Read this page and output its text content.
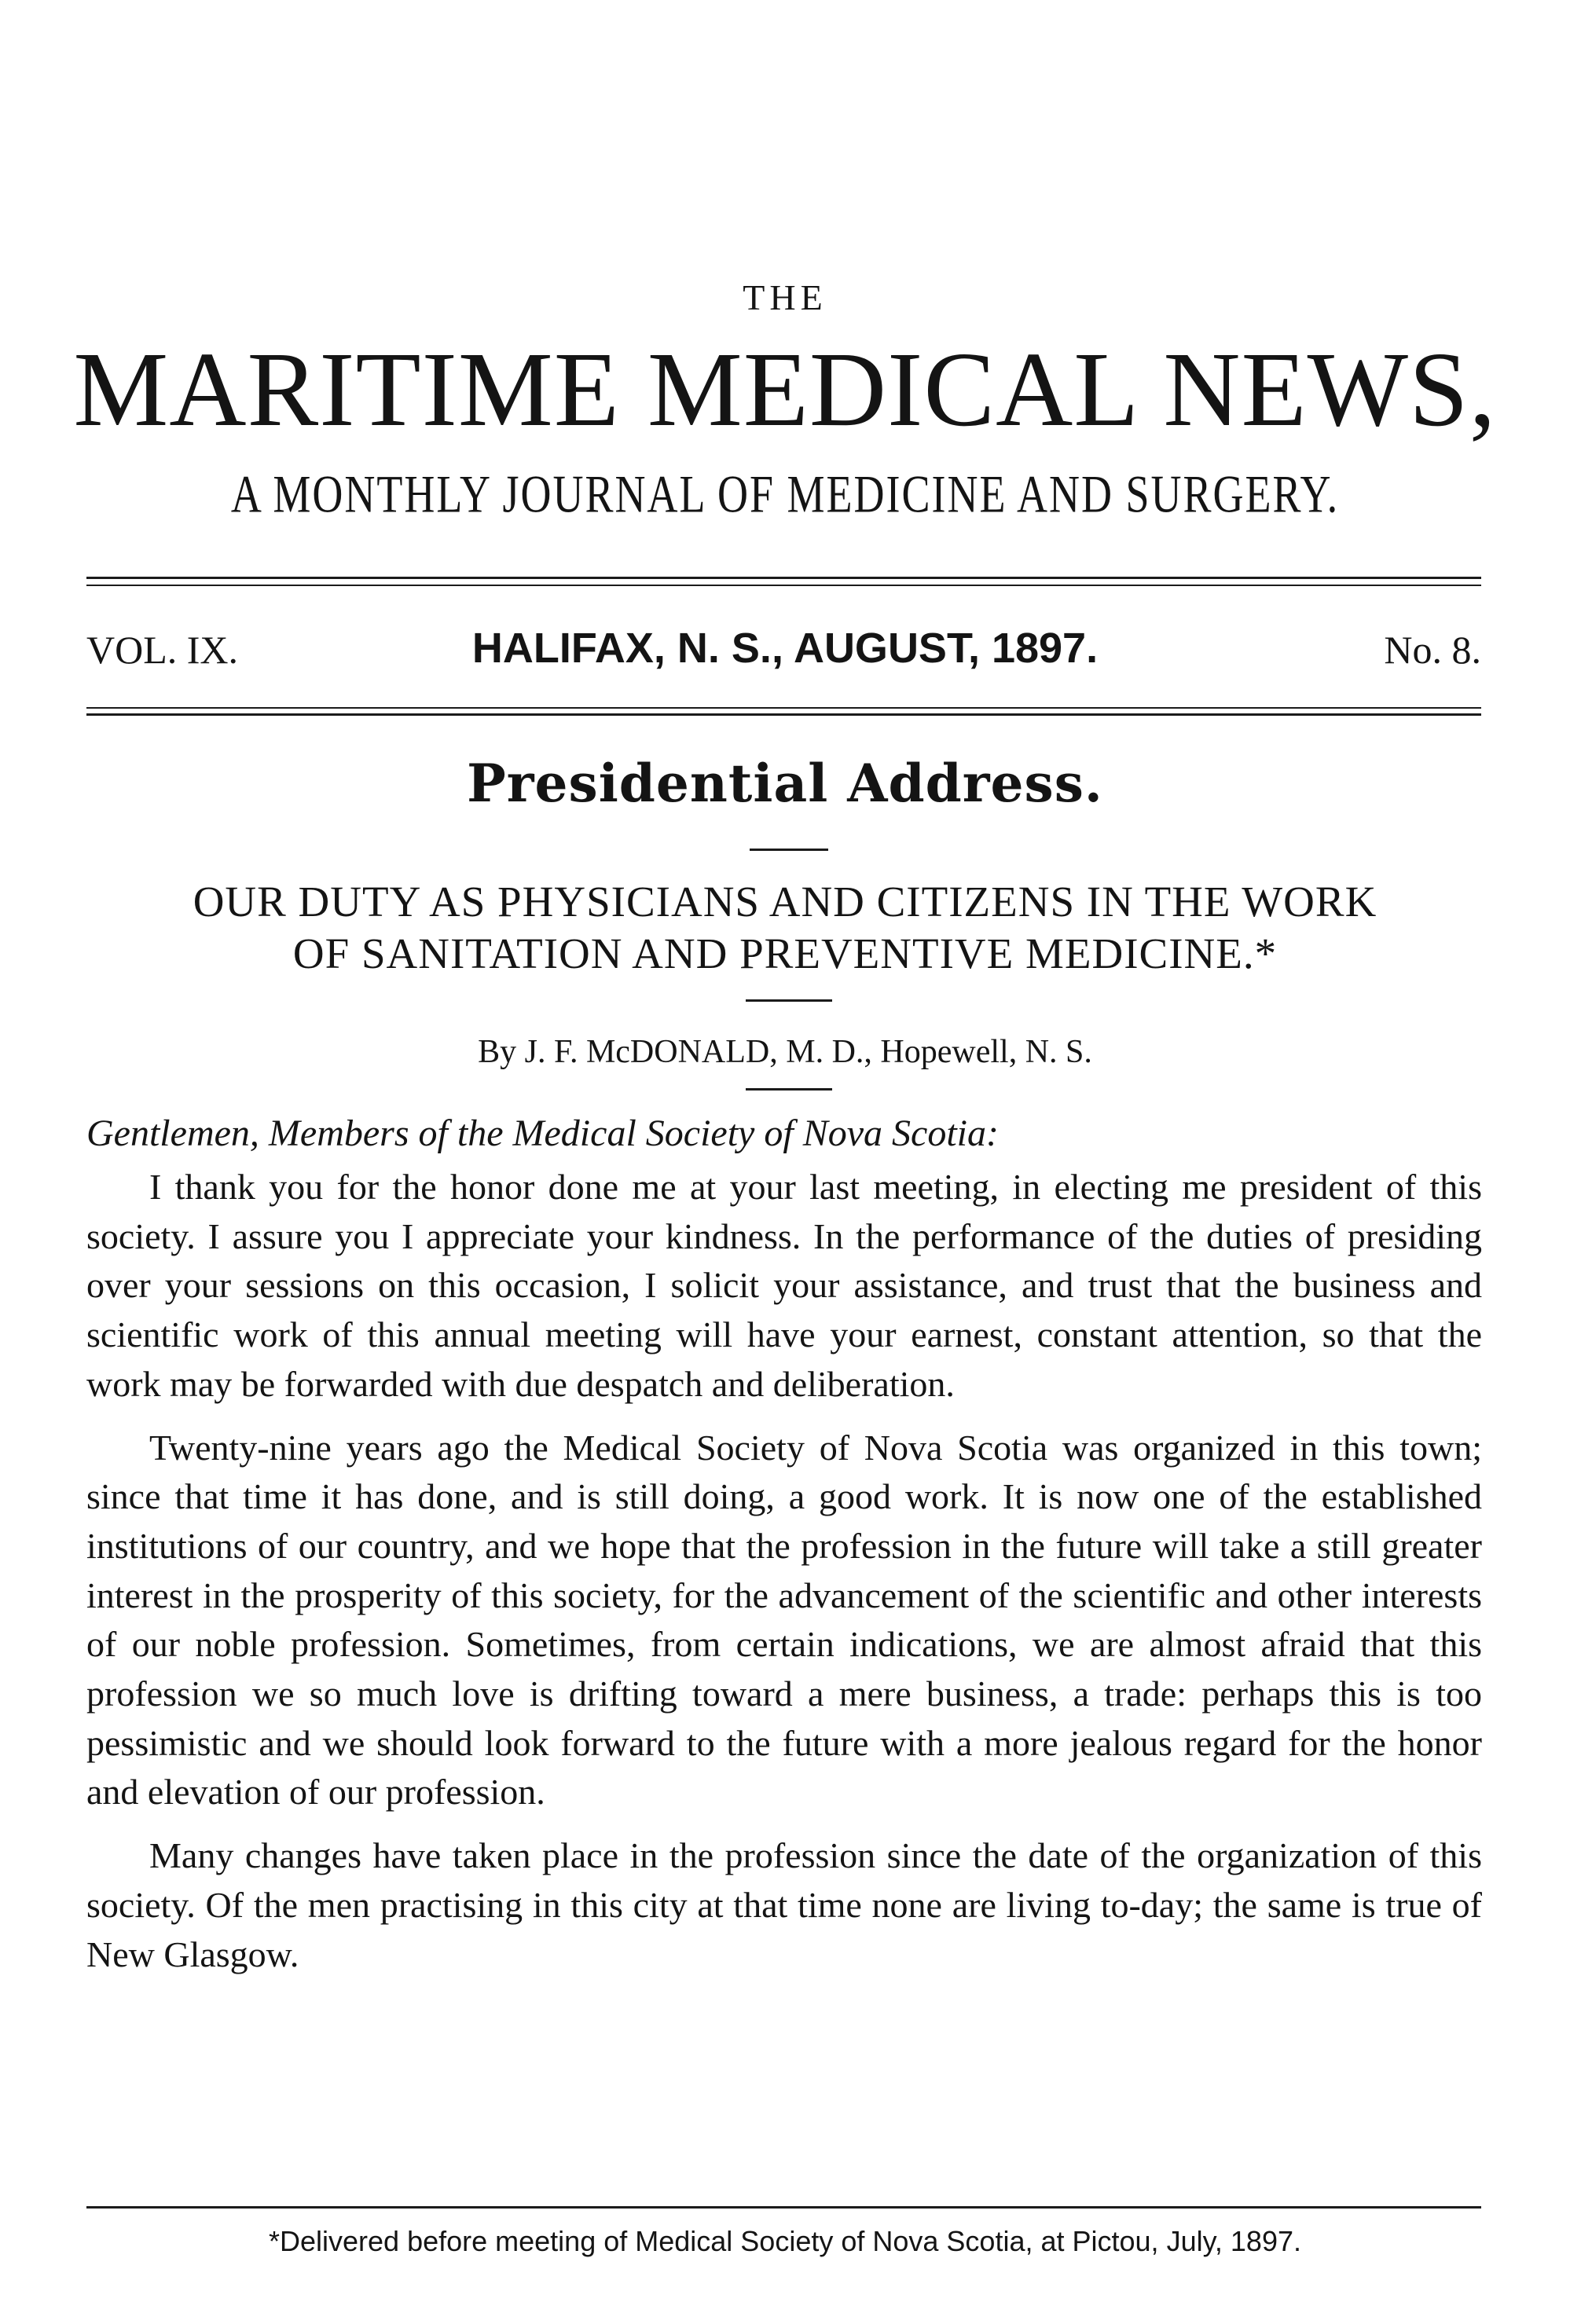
THE
MARITIME MEDICAL NEWS,
A MONTHLY JOURNAL OF MEDICINE AND SURGERY.
VOL. IX.	HALIFAX, N. S., AUGUST, 1897.	No. 8.
Presidential Address.
OUR DUTY AS PHYSICIANS AND CITIZENS IN THE WORK
OF SANITATION AND PREVENTIVE MEDICINE.*
By J. F. McDONALD, M. D., Hopewell, N. S.
Gentlemen, Members of the Medical Society of Nova Scotia:

I thank you for the honor done me at your last meeting, in electing me president of this society. I assure you I appreciate your kindness. In the performance of the duties of presiding over your sessions on this occasion, I solicit your assistance, and trust that the business and scientific work of this annual meeting will have your earnest, constant attention, so that the work may be forwarded with due despatch and deliberation.

Twenty-nine years ago the Medical Society of Nova Scotia was organized in this town; since that time it has done, and is still doing, a good work. It is now one of the established institutions of our country, and we hope that the profession in the future will take a still greater interest in the prosperity of this society, for the advancement of the scientific and other interests of our noble profession. Sometimes, from certain indications, we are almost afraid that this profession we so much love is drifting toward a mere business, a trade: perhaps this is too pessimistic and we should look forward to the future with a more jealous regard for the honor and elevation of our profession.

Many changes have taken place in the profession since the date of the organization of this society. Of the men practising in this city at that time none are living to-day; the same is true of New Glasgow.

*Delivered before meeting of Medical Society of Nova Scotia, at Pictou, July, 1897.
